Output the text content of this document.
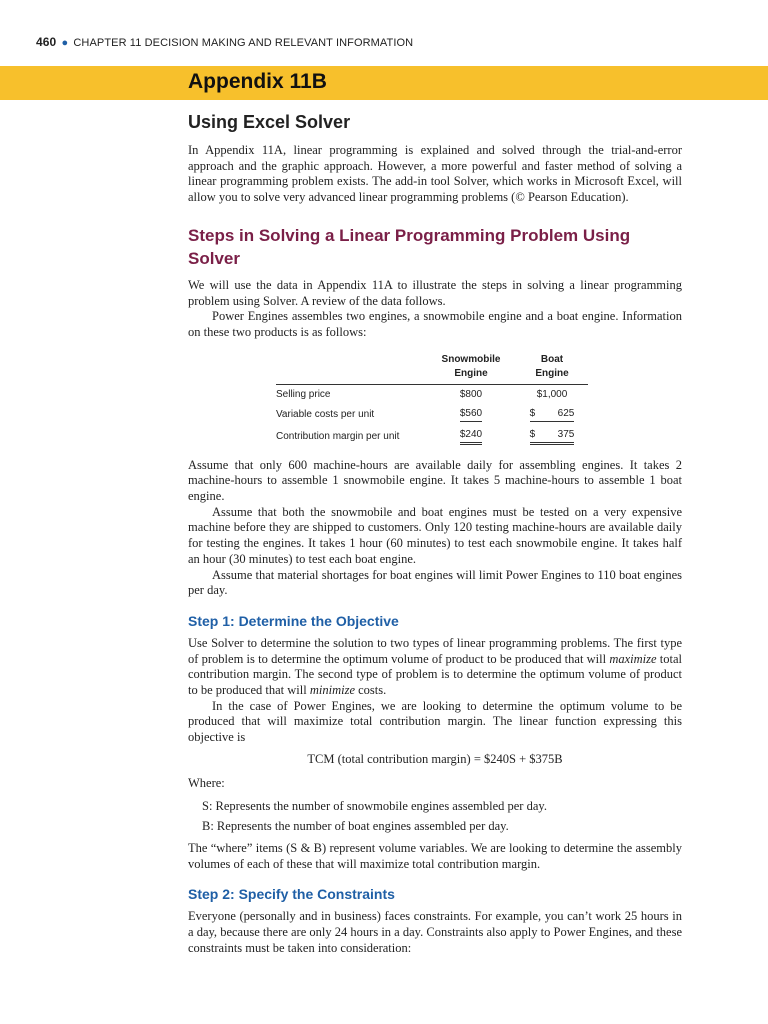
460 ● CHAPTER 11 DECISION MAKING AND RELEVANT INFORMATION
Appendix 11B
Using Excel Solver

In Appendix 11A, linear programming is explained and solved through the trial-and-error approach and the graphic approach. However, a more powerful and faster method of solving a linear programming problem exists. The add-in tool Solver, which works in Microsoft Excel, will allow you to solve very advanced linear programming problems (© Pearson Education).

Steps in Solving a Linear Programming Problem Using Solver

We will use the data in Appendix 11A to illustrate the steps in solving a linear programming problem using Solver. A review of the data follows.

Power Engines assembles two engines, a snowmobile engine and a boat engine. Information on these two products is as follows:

	Snowmobile
Engine	Boat
Engine
Selling price	$800	$1,000
Variable costs per unit	$560	$ 625
Contribution margin per unit	$240	$ 375

Assume that only 600 machine-hours are available daily for assembling engines. It takes 2 machine-hours to assemble 1 snowmobile engine. It takes 5 machine-hours to assemble 1 boat engine.

Assume that both the snowmobile and boat engines must be tested on a very expensive machine before they are shipped to customers. Only 120 testing machine-hours are available daily for testing the engines. It takes 1 hour (60 minutes) to test each snowmobile engine. It takes half an hour (30 minutes) to test each boat engine.

Assume that material shortages for boat engines will limit Power Engines to 110 boat engines per day.

Step 1: Determine the Objective

Use Solver to determine the solution to two types of linear programming problems. The first type of problem is to determine the optimum volume of product to be produced that will maximize total contribution margin. The second type of problem is to determine the optimum volume of product to be produced that will minimize costs.

In the case of Power Engines, we are looking to determine the optimum volume to be produced that will maximize total contribution margin. The linear function expressing this objective is

TCM (total contribution margin) = $240S + $375B
Where:
S: Represents the number of snowmobile engines assembled per day.
B: Represents the number of boat engines assembled per day.

The “where” items (S & B) represent volume variables. We are looking to determine the assembly volumes of each of these that will maximize total contribution margin.

Step 2: Specify the Constraints

Everyone (personally and in business) faces constraints. For example, you can’t work 25 hours in a day, because there are only 24 hours in a day. Constraints also apply to Power Engines, and these constraints must be taken into consideration:
